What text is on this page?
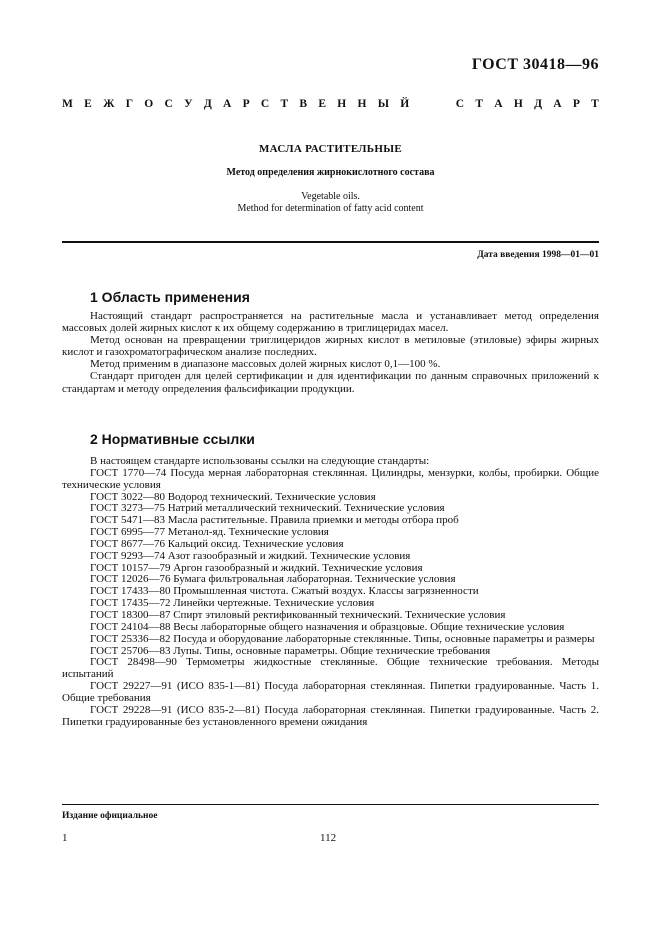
ГОСТ 30418—96
М Е Ж Г О С У Д А Р С Т В Е Н Н Ы Й	С Т А Н Д А Р Т
МАСЛА РАСТИТЕЛЬНЫЕ
Метод определения жирнокислотного состава
Vegetable oils.
Method for determination of fatty acid content
Дата введения 1998—01—01
1 Область применения

Настоящий стандарт распространяется на растительные масла и устанавливает метод определения массовых долей жирных кислот к их общему содержанию в триглицеридах масел.

Метод основан на превращении триглицеридов жирных кислот в метиловые (этиловые) эфиры жирных кислот и газохроматографическом анализе последних.

Метод применим в диапазоне массовых долей жирных кислот 0,1—100 %.

Стандарт пригоден для целей сертификации и для идентификации по данным справочных приложений к стандартам и методу определения фальсификации продукции.

2 Нормативные ссылки

В настоящем стандарте использованы ссылки на следующие стандарты:

ГОСТ 1770—74 Посуда мерная лабораторная стеклянная. Цилиндры, мензурки, колбы, пробирки. Общие технические условия

ГОСТ 3022—80 Водород технический. Технические условия

ГОСТ 3273—75 Натрий металлический технический. Технические условия

ГОСТ 5471—83 Масла растительные. Правила приемки и методы отбора проб

ГОСТ 6995—77 Метанол-яд. Технические условия

ГОСТ 8677—76 Кальций оксид. Технические условия

ГОСТ 9293—74 Азот газообразный и жидкий. Технические условия

ГОСТ 10157—79 Аргон газообразный и жидкий. Технические условия

ГОСТ 12026—76 Бумага фильтровальная лабораторная. Технические условия

ГОСТ 17433—80 Промышленная чистота. Сжатый воздух. Классы загрязненности

ГОСТ 17435—72 Линейки чертежные. Технические условия

ГОСТ 18300—87 Спирт этиловый ректификованный технический. Технические условия

ГОСТ 24104—88 Весы лабораторные общего назначения и образцовые. Общие технические условия

ГОСТ 25336—82 Посуда и оборудование лабораторные стеклянные. Типы, основные параметры и размеры

ГОСТ 25706—83 Лупы. Типы, основные параметры. Общие технические требования

ГОСТ 28498—90 Термометры жидкостные стеклянные. Общие технические требования. Методы испытаний

ГОСТ 29227—91 (ИСО 835-1—81) Посуда лабораторная стеклянная. Пипетки градуированные. Часть 1. Общие требования

ГОСТ 29228—91 (ИСО 835-2—81) Посуда лабораторная стеклянная. Пипетки градуированные. Часть 2. Пипетки градуированные без установленного времени ожидания

Издание официальное
1	112
